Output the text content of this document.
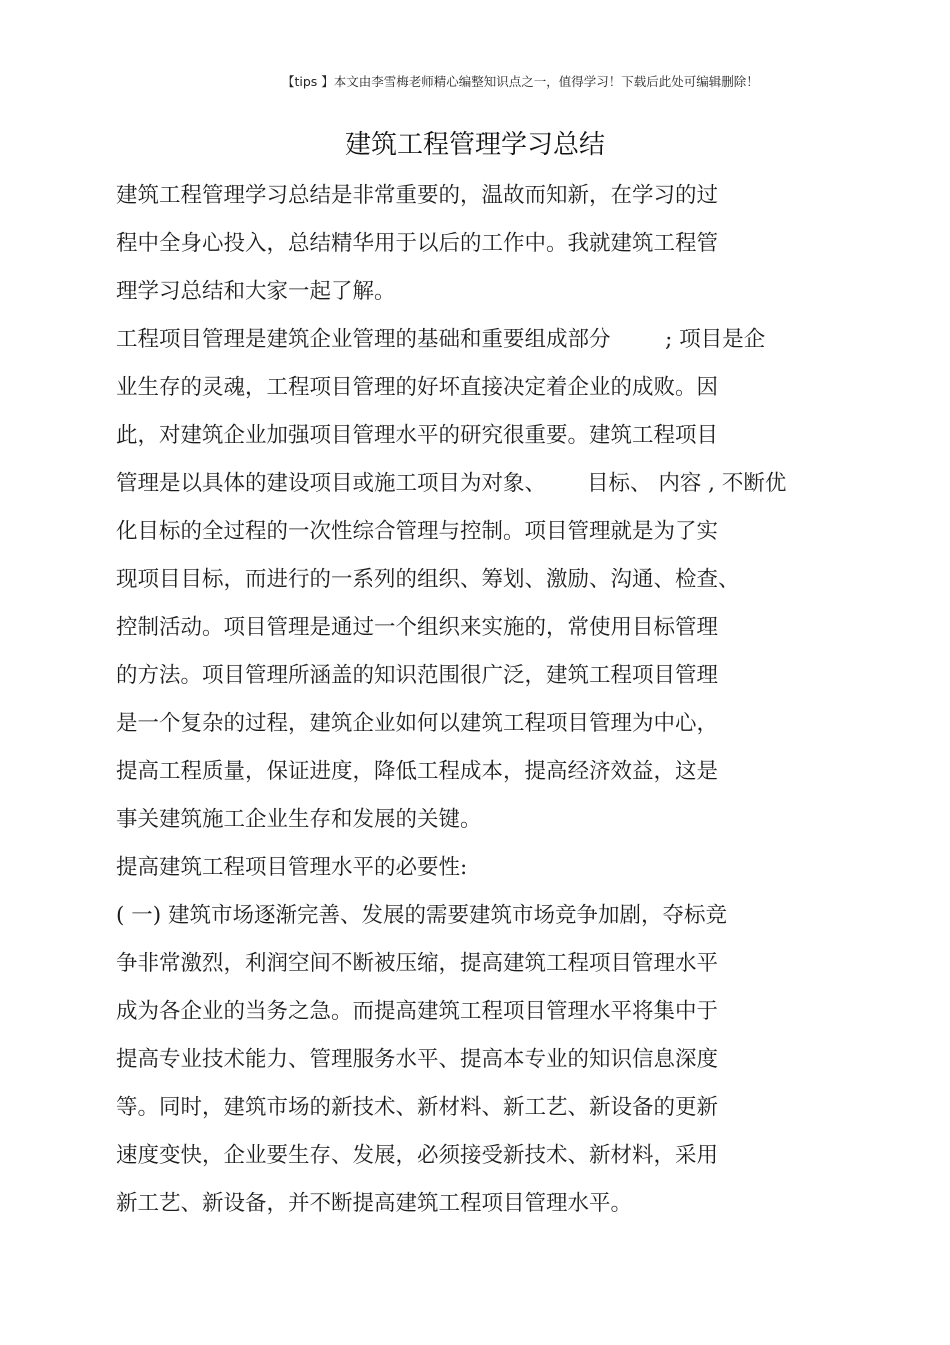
【tips 】本文由李雪梅老师精心编整知识点之一，值得学习！下载后此处可编辑删除！
建筑工程管理学习总结
建筑工程管理学习总结是非常重要的，温故而知新，在学习的过
程中全身心投入，总结精华用于以后的工作中。我就建筑工程管
理学习总结和大家一起了解。
工程项目管理是建筑企业管理的基础和重要组成部分        ; 项目是企
业生存的灵魂，工程项目管理的好坏直接决定着企业的成败。因
此，对建筑企业加强项目管理水平的研究很重要。建筑工程项目
管理是以具体的建设项目或施工项目为对象、      目标、 内容 , 不断优
化目标的全过程的一次性综合管理与控制。项目管理就是为了实
现项目目标，而进行的一系列的组织、筹划、激励、沟通、检查、
控制活动。项目管理是通过一个组织来实施的，常使用目标管理
的方法。项目管理所涵盖的知识范围很广泛，建筑工程项目管理
是一个复杂的过程，建筑企业如何以建筑工程项目管理为中心，
提高工程质量，保证进度，降低工程成本，提高经济效益，这是
事关建筑施工企业生存和发展的关键。
提高建筑工程项目管理水平的必要性:
( 一) 建筑市场逐渐完善、发展的需要建筑市场竞争加剧，夺标竞
争非常激烈，利润空间不断被压缩，提高建筑工程项目管理水平
成为各企业的当务之急。而提高建筑工程项目管理水平将集中于
提高专业技术能力、管理服务水平、提高本专业的知识信息深度
等。同时，建筑市场的新技术、新材料、新工艺、新设备的更新
速度变快，企业要生存、发展，必须接受新技术、新材料，采用
新工艺、新设备，并不断提高建筑工程项目管理水平。
